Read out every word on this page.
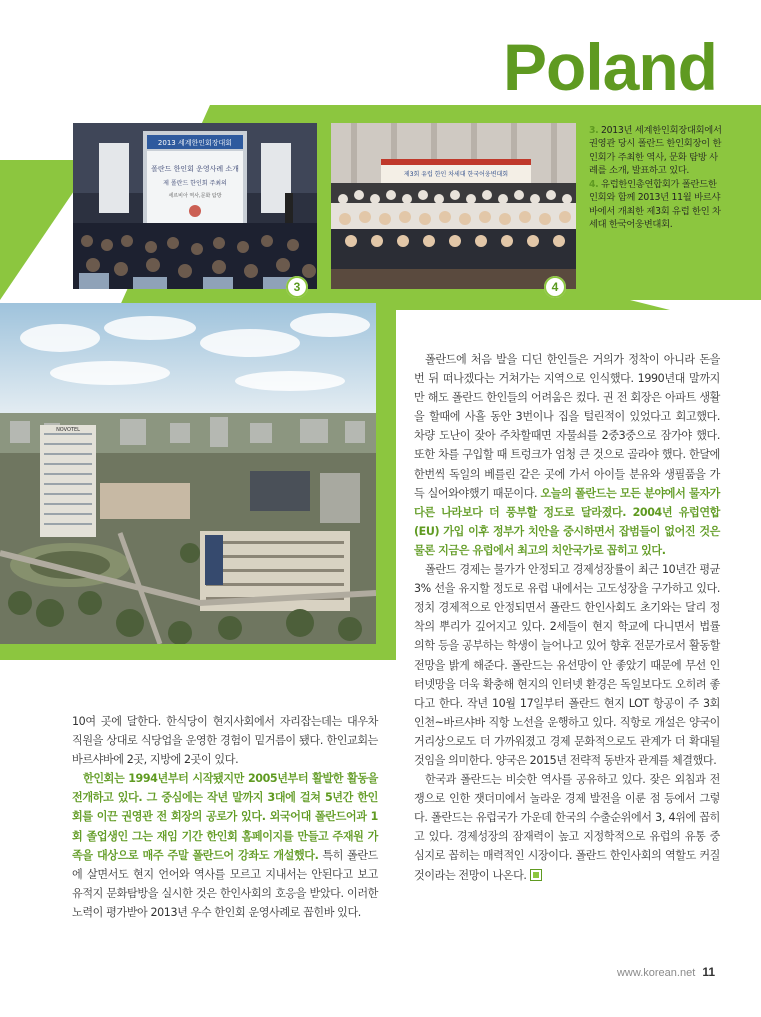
Poland
2013 세계한인회장대회
폴란드 한인회 운영사례 소개
제 폴란드 한인회 주최의
세르비아 역사,문화 탐방
3
제3회 유럽 한인 차세대 한국어웅변대회
4

3. 2013년 세계한인회장대회에서 권영관 당시 폴란드 한인회장이 한인회가 주최한 역사, 문화 탐방 사례를 소개, 발표하고 있다.

4. 유럽한인총연합회가 폴란드한인회와 함께 2013년 11월 바르샤바에서 개최한 제3회 유럽 한인 차세대 한국어웅변대회.

NOVOTEL

10여 곳에 달한다. 한식당이 현지사회에서 자리잡는데는 대우차 직원을 상대로 식당업을 운영한 경험이 밑거름이 됐다. 한인교회는 바르샤바에 2곳, 지방에 2곳이 있다.

한인회는 1994년부터 시작됐지만 2005년부터 활발한 활동을 전개하고 있다. 그 중심에는 작년 말까지 3대에 걸쳐 5년간 한인회를 이끈 권영관 전 회장의 공로가 있다. 외국어대 폴란드어과 1회 졸업생인 그는 재임 기간 한인회 홈페이지를 만들고 주재원 가족을 대상으로 매주 주말 폴란드어 강좌도 개설했다. 특히 폴란드에 살면서도 현지 언어와 역사를 모르고 지내서는 안된다고 보고 유적지 문화탐방을 실시한 것은 한인사회의 호응을 받았다. 이러한 노력이 평가받아 2013년 우수 한인회 운영사례로 꼽힌바 있다.

폴란드에 처음 발을 디딘 한인들은 거의가 정착이 아니라 돈을 번 뒤 떠나겠다는 거쳐가는 지역으로 인식했다. 1990년대 말까지만 해도 폴란드 한인들의 어려움은 컸다. 권 전 회장은 아파트 생활을 할때에 사흘 동안 3번이나 집을 털린적이 있었다고 회고했다. 차량 도난이 잦아 주차할때면 자물쇠를 2중3중으로 잠가야 했다. 또한 차를 구입할 때 트렁크가 엄청 큰 것으로 골라야 했다. 한달에 한번씩 독일의 베를린 같은 곳에 가서 아이들 분유와 생필품을 가득 실어와야했기 때문이다. 오늘의 폴란드는 모든 분야에서 물자가 다른 나라보다 더 풍부할 정도로 달라졌다. 2004년 유럽연합(EU) 가입 이후 정부가 치안을 중시하면서 잡범들이 없어진 것은 물론 지금은 유럽에서 최고의 치안국가로 꼽히고 있다.

폴란드 경제는 물가가 안정되고 경제성장률이 최근 10년간 평균 3% 선을 유지할 정도로 유럽 내에서는 고도성장을 구가하고 있다. 정치 경제적으로 안정되면서 폴란드 한인사회도 초기와는 달리 정착의 뿌리가 깊어지고 있다. 2세들이 현지 학교에 다니면서 법률 의학 등을 공부하는 학생이 늘어나고 있어 향후 전문가로서 활동할 전망을 밝게 해준다. 폴란드는 유선망이 안 좋았기 때문에 무선 인터넷망을 더욱 확충해 현지의 인터넷 환경은 독일보다도 오히려 좋다고 한다. 작년 10월 17일부터 폴란드 현지 LOT 항공이 주 3회 인천~바르샤바 직항 노선을 운행하고 있다. 직항로 개설은 양국이 거리상으로도 더 가까워졌고 경제 문화적으로도 관계가 더 확대될 것임을 의미한다. 양국은 2015년 전략적 동반자 관계를 체결했다.

한국과 폴란드는 비슷한 역사를 공유하고 있다. 잦은 외침과 전쟁으로 인한 잿더미에서 놀라운 경제 발전을 이룬 점 등에서 그렇다. 폴란드는 유럽국가 가운데 한국의 수출순위에서 3, 4위에 꼽히고 있다. 경제성장의 잠재력이 높고 지정학적으로 유럽의 유통 중심지로 꼽히는 매력적인 시장이다. 폴란드 한인사회의 역할도 커질 것이라는 전망이 나온다.

www.korean.net 11
